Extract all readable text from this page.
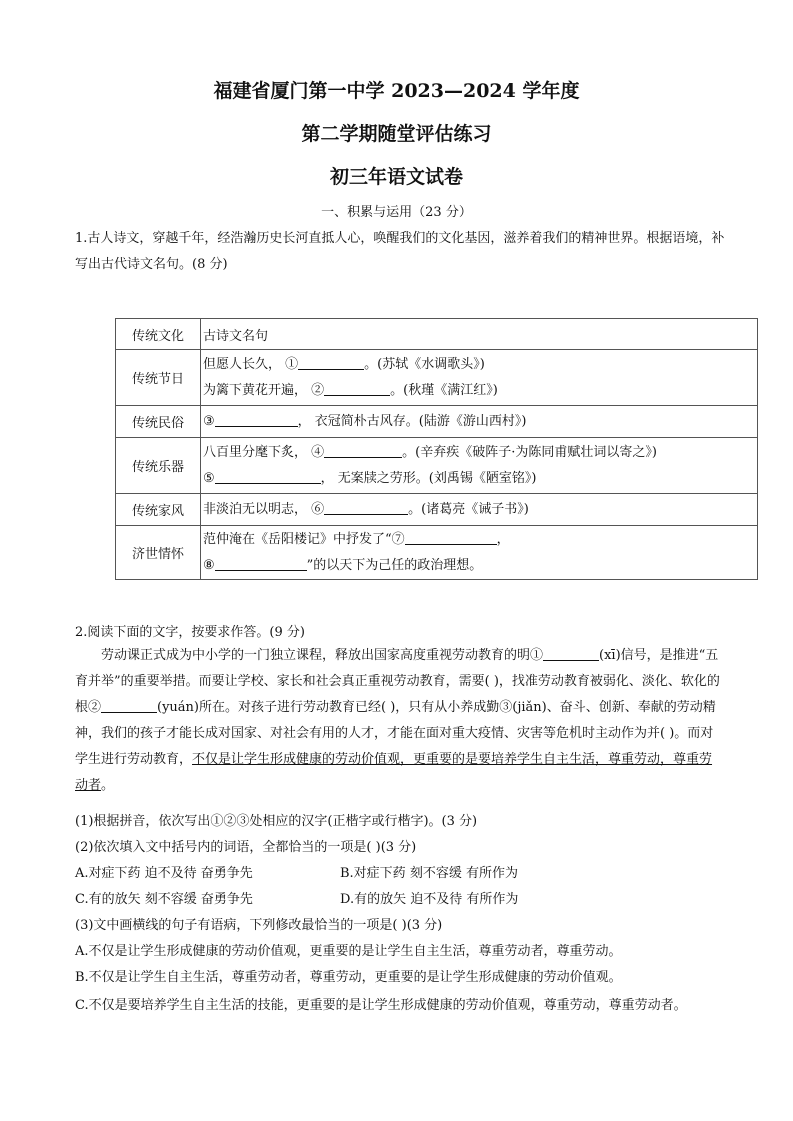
福建省厦门第一中学 2023—2024 学年度
第二学期随堂评估练习
初三年语文试卷
一、积累与运用（23 分）
1.古人诗文，穿越千年，经浩瀚历史长河直抵人心，唤醒我们的文化基因，滋养着我们的精神世界。根据语境，补写出古代诗文名句。(8 分)
传统文化	古诗文名句
传统节日	但愿人长久， ① 。(苏轼《水调歌头》)
为篱下黄花开遍， ② 。(秋瑾《满江红》)

传统民俗	③ ， 衣冠简朴古风存。(陆游《游山西村》)

传统乐器	八百里分麾下炙， ④ 。(辛弃疾《破阵子·为陈同甫赋壮词以寄之》)
⑤ ， 无案牍之劳形。(刘禹锡《陋室铭》)

传统家风	非淡泊无以明志， ⑥ 。(诸葛亮《诫子书》)

济世情怀	范仲淹在《岳阳楼记》中抒发了“⑦ ，
⑧ ”的以天下为己任的政治理想。
2.阅读下面的文字，按要求作答。(9 分)
劳动课正式成为中小学的一门独立课程，释放出国家高度重视劳动教育的明①	(xī)信号，是推进“五育并举”的重要举措。而要让学校、家长和社会真正重视劳动教育，需要( )，找准劳动教育被弱化、淡化、软化的根②	(yuán)所在。对孩子进行劳动教育已经( )，只有从小养成勤③(jiǎn)、奋斗、创新、奉献的劳动精神，我们的孩子才能长成对国家、对社会有用的人才，才能在面对重大疫情、灾害等危机时主动作为并( )。而对学生进行劳动教育，不仅是让学生形成健康的劳动价值观，更重要的是要培养学生自主生活，尊重劳动，尊重劳动者。
(1)根据拼音，依次写出①②③处相应的汉字(正楷字或行楷字)。(3 分)
(2)依次填入文中括号内的词语，全都恰当的一项是( )(3 分)
A.对症下药 迫不及待 奋勇争先	B.对症下药 刻不容缓 有所作为
C.有的放矢 刻不容缓 奋勇争先	D.有的放矢 迫不及待 有所作为
(3)文中画横线的句子有语病，下列修改最恰当的一项是( )(3 分)
A.不仅是让学生形成健康的劳动价值观，更重要的是让学生自主生活，尊重劳动者，尊重劳动。
B.不仅是让学生自主生活，尊重劳动者，尊重劳动，更重要的是让学生形成健康的劳动价值观。
C.不仅是要培养学生自主生活的技能，更重要的是让学生形成健康的劳动价值观，尊重劳动，尊重劳动者。
